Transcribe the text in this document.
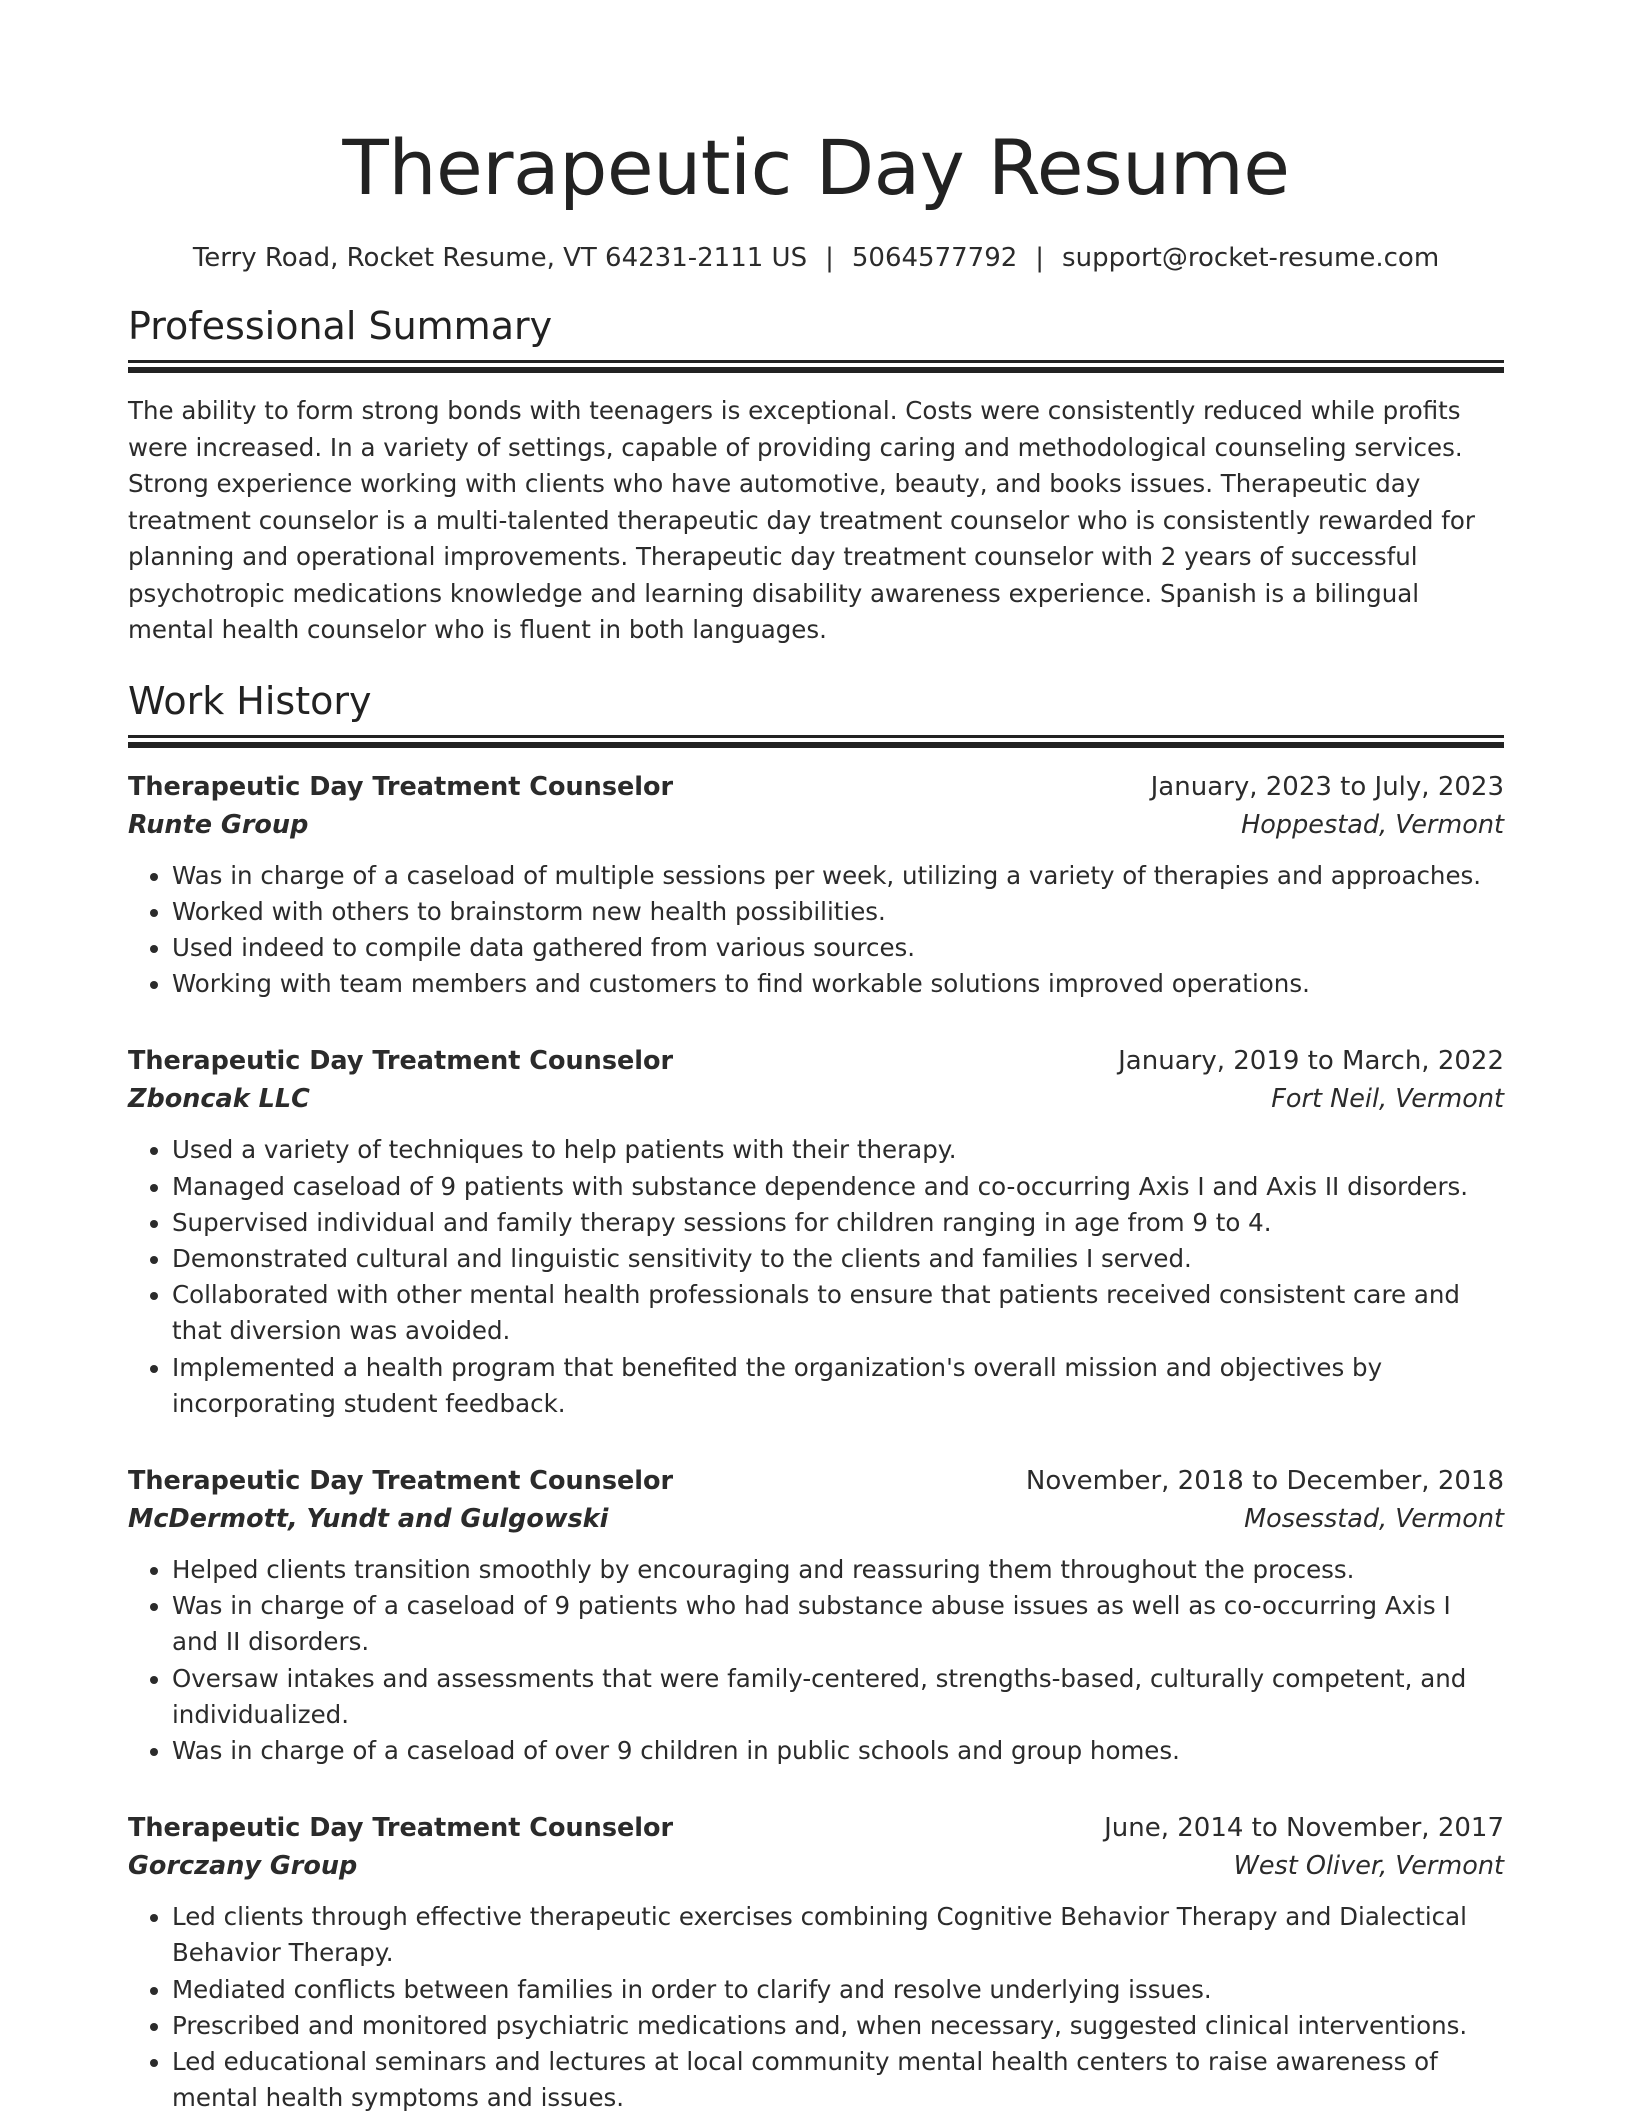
Therapeutic Day Resume
Terry Road, Rocket Resume, VT 64231-2111 US | 5064577792 | support@rocket-resume.com
Professional Summary

The ability to form strong bonds with teenagers is exceptional. Costs were consistently reduced while profits were increased. In a variety of settings, capable of providing caring and methodological counseling services. Strong experience working with clients who have automotive, beauty, and books issues. Therapeutic day treatment counselor is a multi-talented therapeutic day treatment counselor who is consistently rewarded for planning and operational improvements. Therapeutic day treatment counselor with 2 years of successful psychotropic medications knowledge and learning disability awareness experience. Spanish is a bilingual mental health counselor who is fluent in both languages.

Work History
Therapeutic Day Treatment Counselor	January, 2023 to July, 2023
Runte Group	Hoppestad, Vermont
• Was in charge of a caseload of multiple sessions per week, utilizing a variety of therapies and approaches.
• Worked with others to brainstorm new health possibilities.
• Used indeed to compile data gathered from various sources.
• Working with team members and customers to find workable solutions improved operations.
Therapeutic Day Treatment Counselor	January, 2019 to March, 2022
Zboncak LLC	Fort Neil, Vermont
• Used a variety of techniques to help patients with their therapy.
• Managed caseload of 9 patients with substance dependence and co-occurring Axis I and Axis II disorders.
• Supervised individual and family therapy sessions for children ranging in age from 9 to 4.
• Demonstrated cultural and linguistic sensitivity to the clients and families I served.
• Collaborated with other mental health professionals to ensure that patients received consistent care and that diversion was avoided.
• Implemented a health program that benefited the organization's overall mission and objectives by incorporating student feedback.
Therapeutic Day Treatment Counselor	November, 2018 to December, 2018
McDermott, Yundt and Gulgowski	Mosesstad, Vermont
• Helped clients transition smoothly by encouraging and reassuring them throughout the process.
• Was in charge of a caseload of 9 patients who had substance abuse issues as well as co-occurring Axis I and II disorders.
• Oversaw intakes and assessments that were family-centered, strengths-based, culturally competent, and individualized.
• Was in charge of a caseload of over 9 children in public schools and group homes.
Therapeutic Day Treatment Counselor	June, 2014 to November, 2017
Gorczany Group	West Oliver, Vermont
• Led clients through effective therapeutic exercises combining Cognitive Behavior Therapy and Dialectical Behavior Therapy.
• Mediated conflicts between families in order to clarify and resolve underlying issues.
• Prescribed and monitored psychiatric medications and, when necessary, suggested clinical interventions.
• Led educational seminars and lectures at local community mental health centers to raise awareness of mental health symptoms and issues.
